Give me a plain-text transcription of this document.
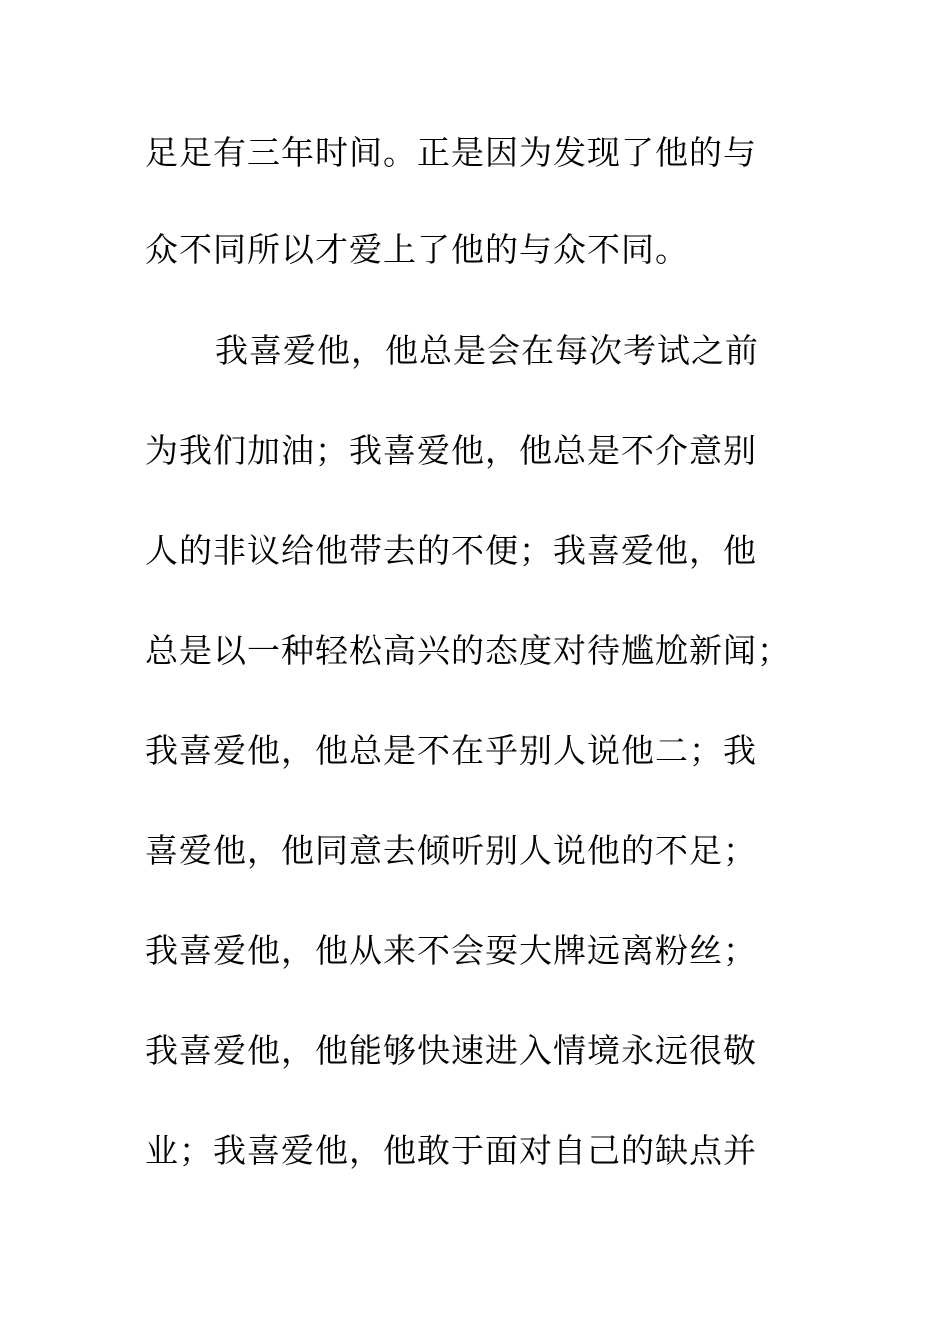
足足有三年时间。正是因为发现了他的与
众不同所以才爱上了他的与众不同。
我喜爱他，他总是会在每次考试之前
为我们加油；我喜爱他，他总是不介意别
人的非议给他带去的不便；我喜爱他，他
总是以一种轻松高兴的态度对待尴尬新闻；
我喜爱他，他总是不在乎别人说他二；我
喜爱他，他同意去倾听别人说他的不足；
我喜爱他，他从来不会耍大牌远离粉丝；
我喜爱他，他能够快速进入情境永远很敬
业；我喜爱他，他敢于面对自己的缺点并
